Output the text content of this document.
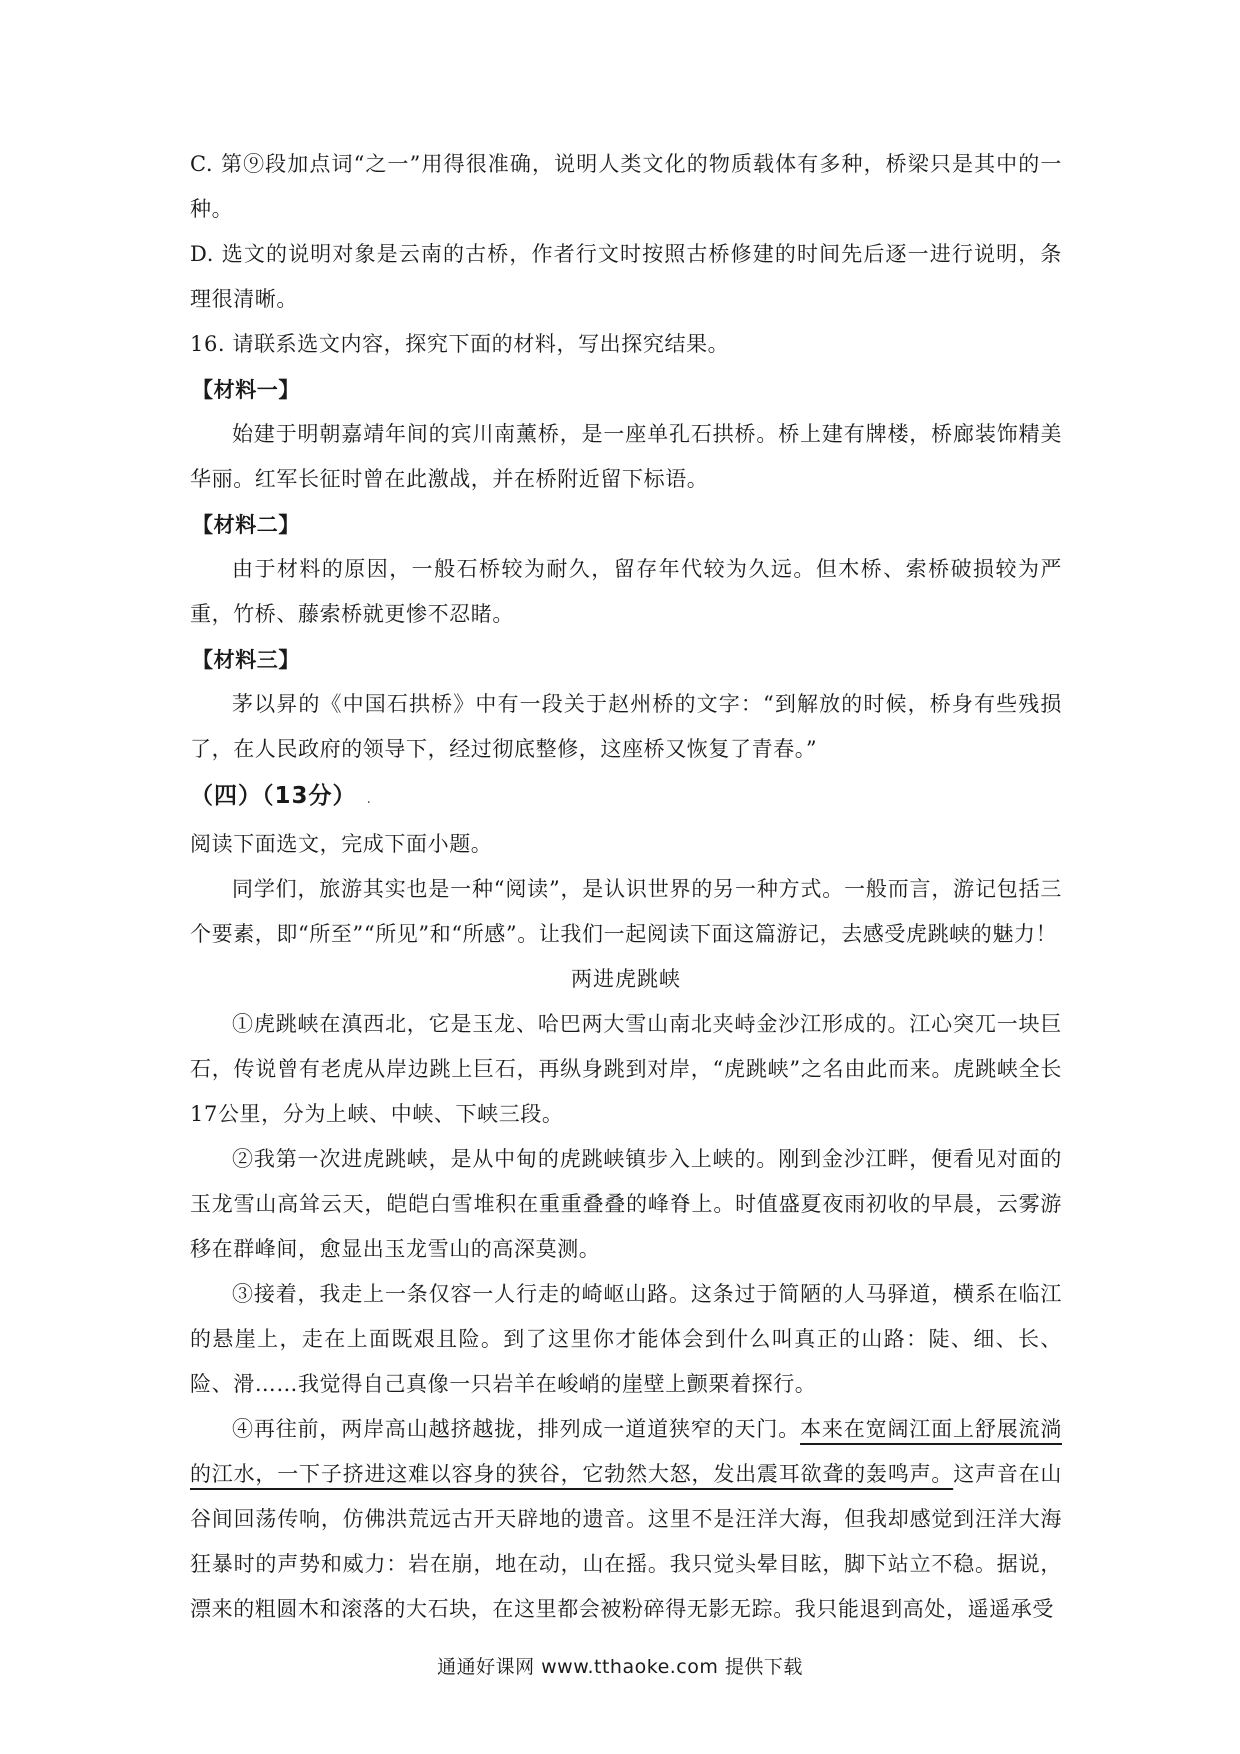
C. 第⑨段加点词“之一”用得很准确，说明人类文化的物质载体有多种，桥梁只是其中的一种。

D. 选文的说明对象是云南的古桥，作者行文时按照古桥修建的时间先后逐一进行说明，条理很清晰。

16. 请联系选文内容，探究下面的材料，写出探究结果。

【材料一】

始建于明朝嘉靖年间的宾川南薰桥，是一座单孔石拱桥。桥上建有牌楼，桥廊装饰精美华丽。红军长征时曾在此激战，并在桥附近留下标语。

【材料二】

由于材料的原因，一般石桥较为耐久，留存年代较为久远。但木桥、索桥破损较为严重，竹桥、藤索桥就更惨不忍睹。

【材料三】

茅以昇的《中国石拱桥》中有一段关于赵州桥的文字：“到解放的时候，桥身有些残损了，在人民政府的领导下，经过彻底整修，这座桥又恢复了青春。”

（四）（13分） .

阅读下面选文，完成下面小题。

同学们，旅游其实也是一种“阅读”，是认识世界的另一种方式。一般而言，游记包括三个要素，即“所至”“所见”和“所感”。让我们一起阅读下面这篇游记，去感受虎跳峡的魅力！

两进虎跳峡

①虎跳峡在滇西北，它是玉龙、哈巴两大雪山南北夹峙金沙江形成的。江心突兀一块巨石，传说曾有老虎从岸边跳上巨石，再纵身跳到对岸，“虎跳峡”之名由此而来。虎跳峡全长17公里，分为上峡、中峡、下峡三段。

②我第一次进虎跳峡，是从中甸的虎跳峡镇步入上峡的。刚到金沙江畔，便看见对面的玉龙雪山高耸云天，皑皑白雪堆积在重重叠叠的峰脊上。时值盛夏夜雨初收的早晨，云雾游移在群峰间，愈显出玉龙雪山的高深莫测。

③接着，我走上一条仅容一人行走的崎岖山路。这条过于简陋的人马驿道，横系在临江的悬崖上，走在上面既艰且险。到了这里你才能体会到什么叫真正的山路：陡、细、长、险、滑……我觉得自己真像一只岩羊在峻峭的崖壁上颤栗着探行。

④再往前，两岸高山越挤越拢，排列成一道道狭窄的天门。本来在宽阔江面上舒展流淌的江水，一下子挤进这难以容身的狭谷，它勃然大怒，发出震耳欲聋的轰鸣声。这声音在山谷间回荡传响，仿佛洪荒远古开天辟地的遗音。这里不是汪洋大海，但我却感觉到汪洋大海狂暴时的声势和威力：岩在崩，地在动，山在摇。我只觉头晕目眩，脚下站立不稳。据说，漂来的粗圆木和滚落的大石块，在这里都会被粉碎得无影无踪。我只能退到高处，遥遥承受

通通好课网 www.tthaoke.com 提供下载
